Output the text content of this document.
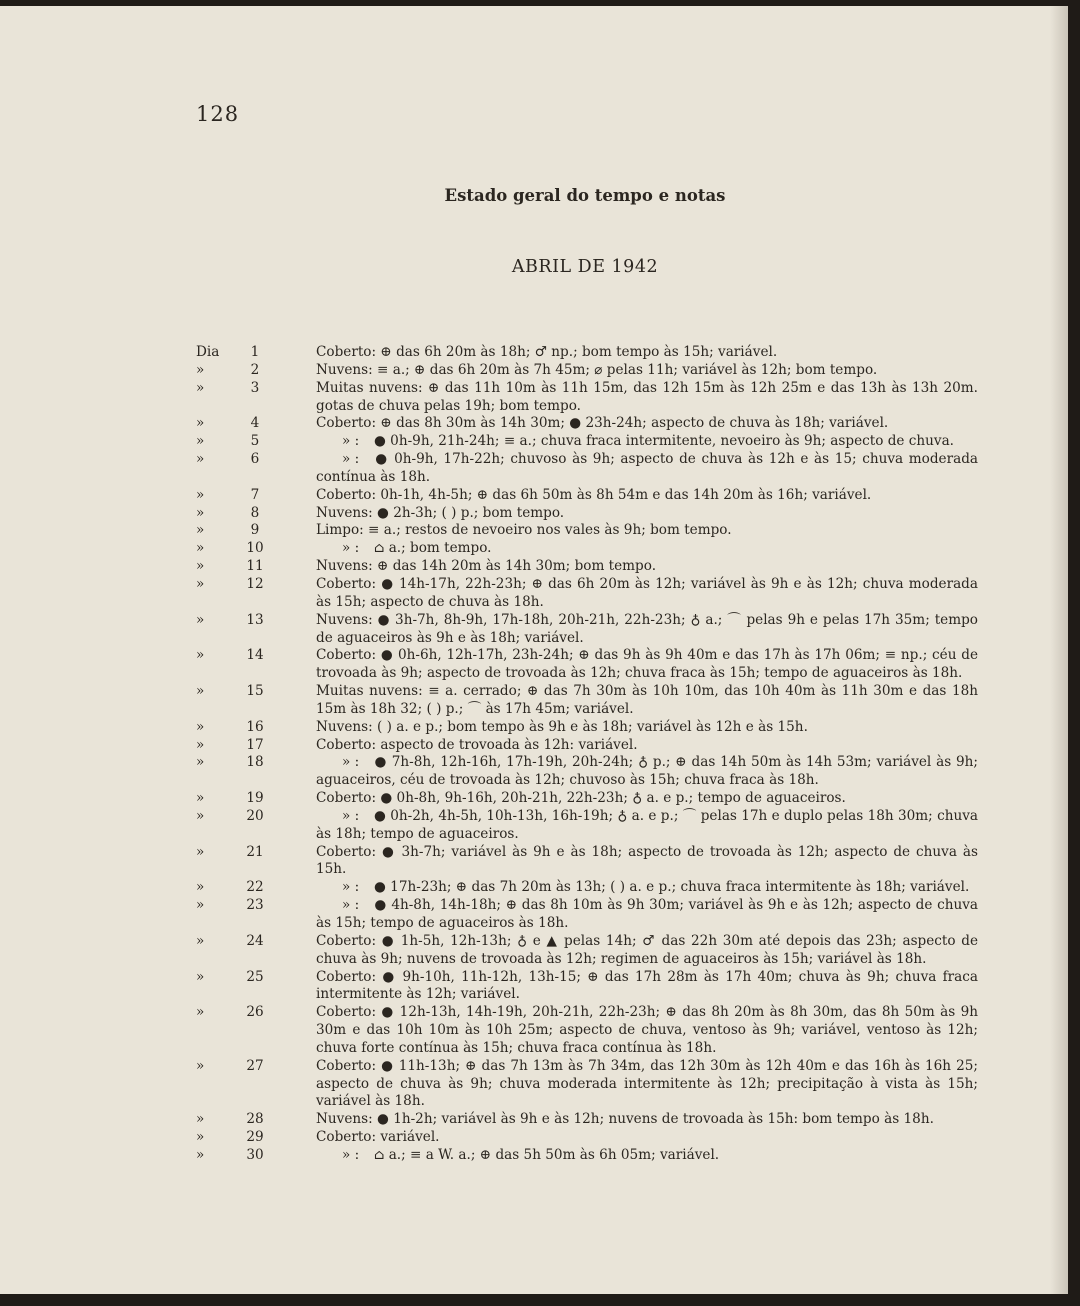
128
Estado geral do tempo e notas
ABRIL DE 1942
Dia	1	Coberto: ⊕ das 6h 20m às 18h; ♂ np.; bom tempo às 15h; variável.
»	2	Nuvens: ≡ a.; ⊕ das 6h 20m às 7h 45m; ⌀ pelas 11h; variável às 12h; bom tempo.
»	3	Muitas nuvens: ⊕ das 11h 10m às 11h 15m, das 12h 15m às 12h 25m e das 13h às 13h 20m. gotas de chuva pelas 19h; bom tempo.
»	4	Coberto: ⊕ das 8h 30m às 14h 30m; ● 23h-24h; aspecto de chuva às 18h; variável.
»	5	» : ● 0h-9h, 21h-24h; ≡ a.; chuva fraca intermitente, nevoeiro às 9h; aspecto de chuva.
»	6	» : ● 0h-9h, 17h-22h; chuvoso às 9h; aspecto de chuva às 12h e às 15; chuva moderada contínua às 18h.
»	7	Coberto: 0h-1h, 4h-5h; ⊕ das 6h 50m às 8h 54m e das 14h 20m às 16h; variável.
»	8	Nuvens: ● 2h-3h; ( ) p.; bom tempo.
»	9	Limpo: ≡ a.; restos de nevoeiro nos vales às 9h; bom tempo.
»	10	» : ⌂ a.; bom tempo.
»	11	Nuvens: ⊕ das 14h 20m às 14h 30m; bom tempo.
»	12	Coberto: ● 14h-17h, 22h-23h; ⊕ das 6h 20m às 12h; variável às 9h e às 12h; chuva moderada às 15h; aspecto de chuva às 18h.
»	13	Nuvens: ● 3h-7h, 8h-9h, 17h-18h, 20h-21h, 22h-23h; ♁ a.; ⌒ pelas 9h e pelas 17h 35m; tempo de aguaceiros às 9h e às 18h; variável.
»	14	Coberto: ● 0h-6h, 12h-17h, 23h-24h; ⊕ das 9h às 9h 40m e das 17h às 17h 06m; ≡ np.; céu de trovoada às 9h; aspecto de trovoada às 12h; chuva fraca às 15h; tempo de aguaceiros às 18h.
»	15	Muitas nuvens: ≡ a. cerrado; ⊕ das 7h 30m às 10h 10m, das 10h 40m às 11h 30m e das 18h 15m às 18h 32; ( ) p.; ⌒ às 17h 45m; variável.
»	16	Nuvens: ( ) a. e p.; bom tempo às 9h e às 18h; variável às 12h e às 15h.
»	17	Coberto: aspecto de trovoada às 12h: variável.
»	18	» : ● 7h-8h, 12h-16h, 17h-19h, 20h-24h; ♁ p.; ⊕ das 14h 50m às 14h 53m; variável às 9h; aguaceiros, céu de trovoada às 12h; chuvoso às 15h; chuva fraca às 18h.
»	19	Coberto: ● 0h-8h, 9h-16h, 20h-21h, 22h-23h; ♁ a. e p.; tempo de aguaceiros.
»	20	» : ● 0h-2h, 4h-5h, 10h-13h, 16h-19h; ♁ a. e p.; ⌒ pelas 17h e duplo pelas 18h 30m; chuva às 18h; tempo de aguaceiros.
»	21	Coberto: ● 3h-7h; variável às 9h e às 18h; aspecto de trovoada às 12h; aspecto de chuva às 15h.
»	22	» : ● 17h-23h; ⊕ das 7h 20m às 13h; ( ) a. e p.; chuva fraca intermitente às 18h; variável.
»	23	» : ● 4h-8h, 14h-18h; ⊕ das 8h 10m às 9h 30m; variável às 9h e às 12h; aspecto de chuva às 15h; tempo de aguaceiros às 18h.
»	24	Coberto: ● 1h-5h, 12h-13h; ♁ e ▲ pelas 14h; ♂ das 22h 30m até depois das 23h; aspecto de chuva às 9h; nuvens de trovoada às 12h; regimen de aguaceiros às 15h; variável às 18h.
»	25	Coberto: ● 9h-10h, 11h-12h, 13h-15; ⊕ das 17h 28m às 17h 40m; chuva às 9h; chuva fraca intermitente às 12h; variável.
»	26	Coberto: ● 12h-13h, 14h-19h, 20h-21h, 22h-23h; ⊕ das 8h 20m às 8h 30m, das 8h 50m às 9h 30m e das 10h 10m às 10h 25m; aspecto de chuva, ventoso às 9h; variável, ventoso às 12h; chuva forte contínua às 15h; chuva fraca contínua às 18h.
»	27	Coberto: ● 11h-13h; ⊕ das 7h 13m às 7h 34m, das 12h 30m às 12h 40m e das 16h às 16h 25; aspecto de chuva às 9h; chuva moderada intermitente às 12h; precipitação à vista às 15h; variável às 18h.
»	28	Nuvens: ● 1h-2h; variável às 9h e às 12h; nuvens de trovoada às 15h: bom tempo às 18h.
»	29	Coberto: variável.
»	30	» : ⌂ a.; ≡ a W. a.; ⊕ das 5h 50m às 6h 05m; variável.
